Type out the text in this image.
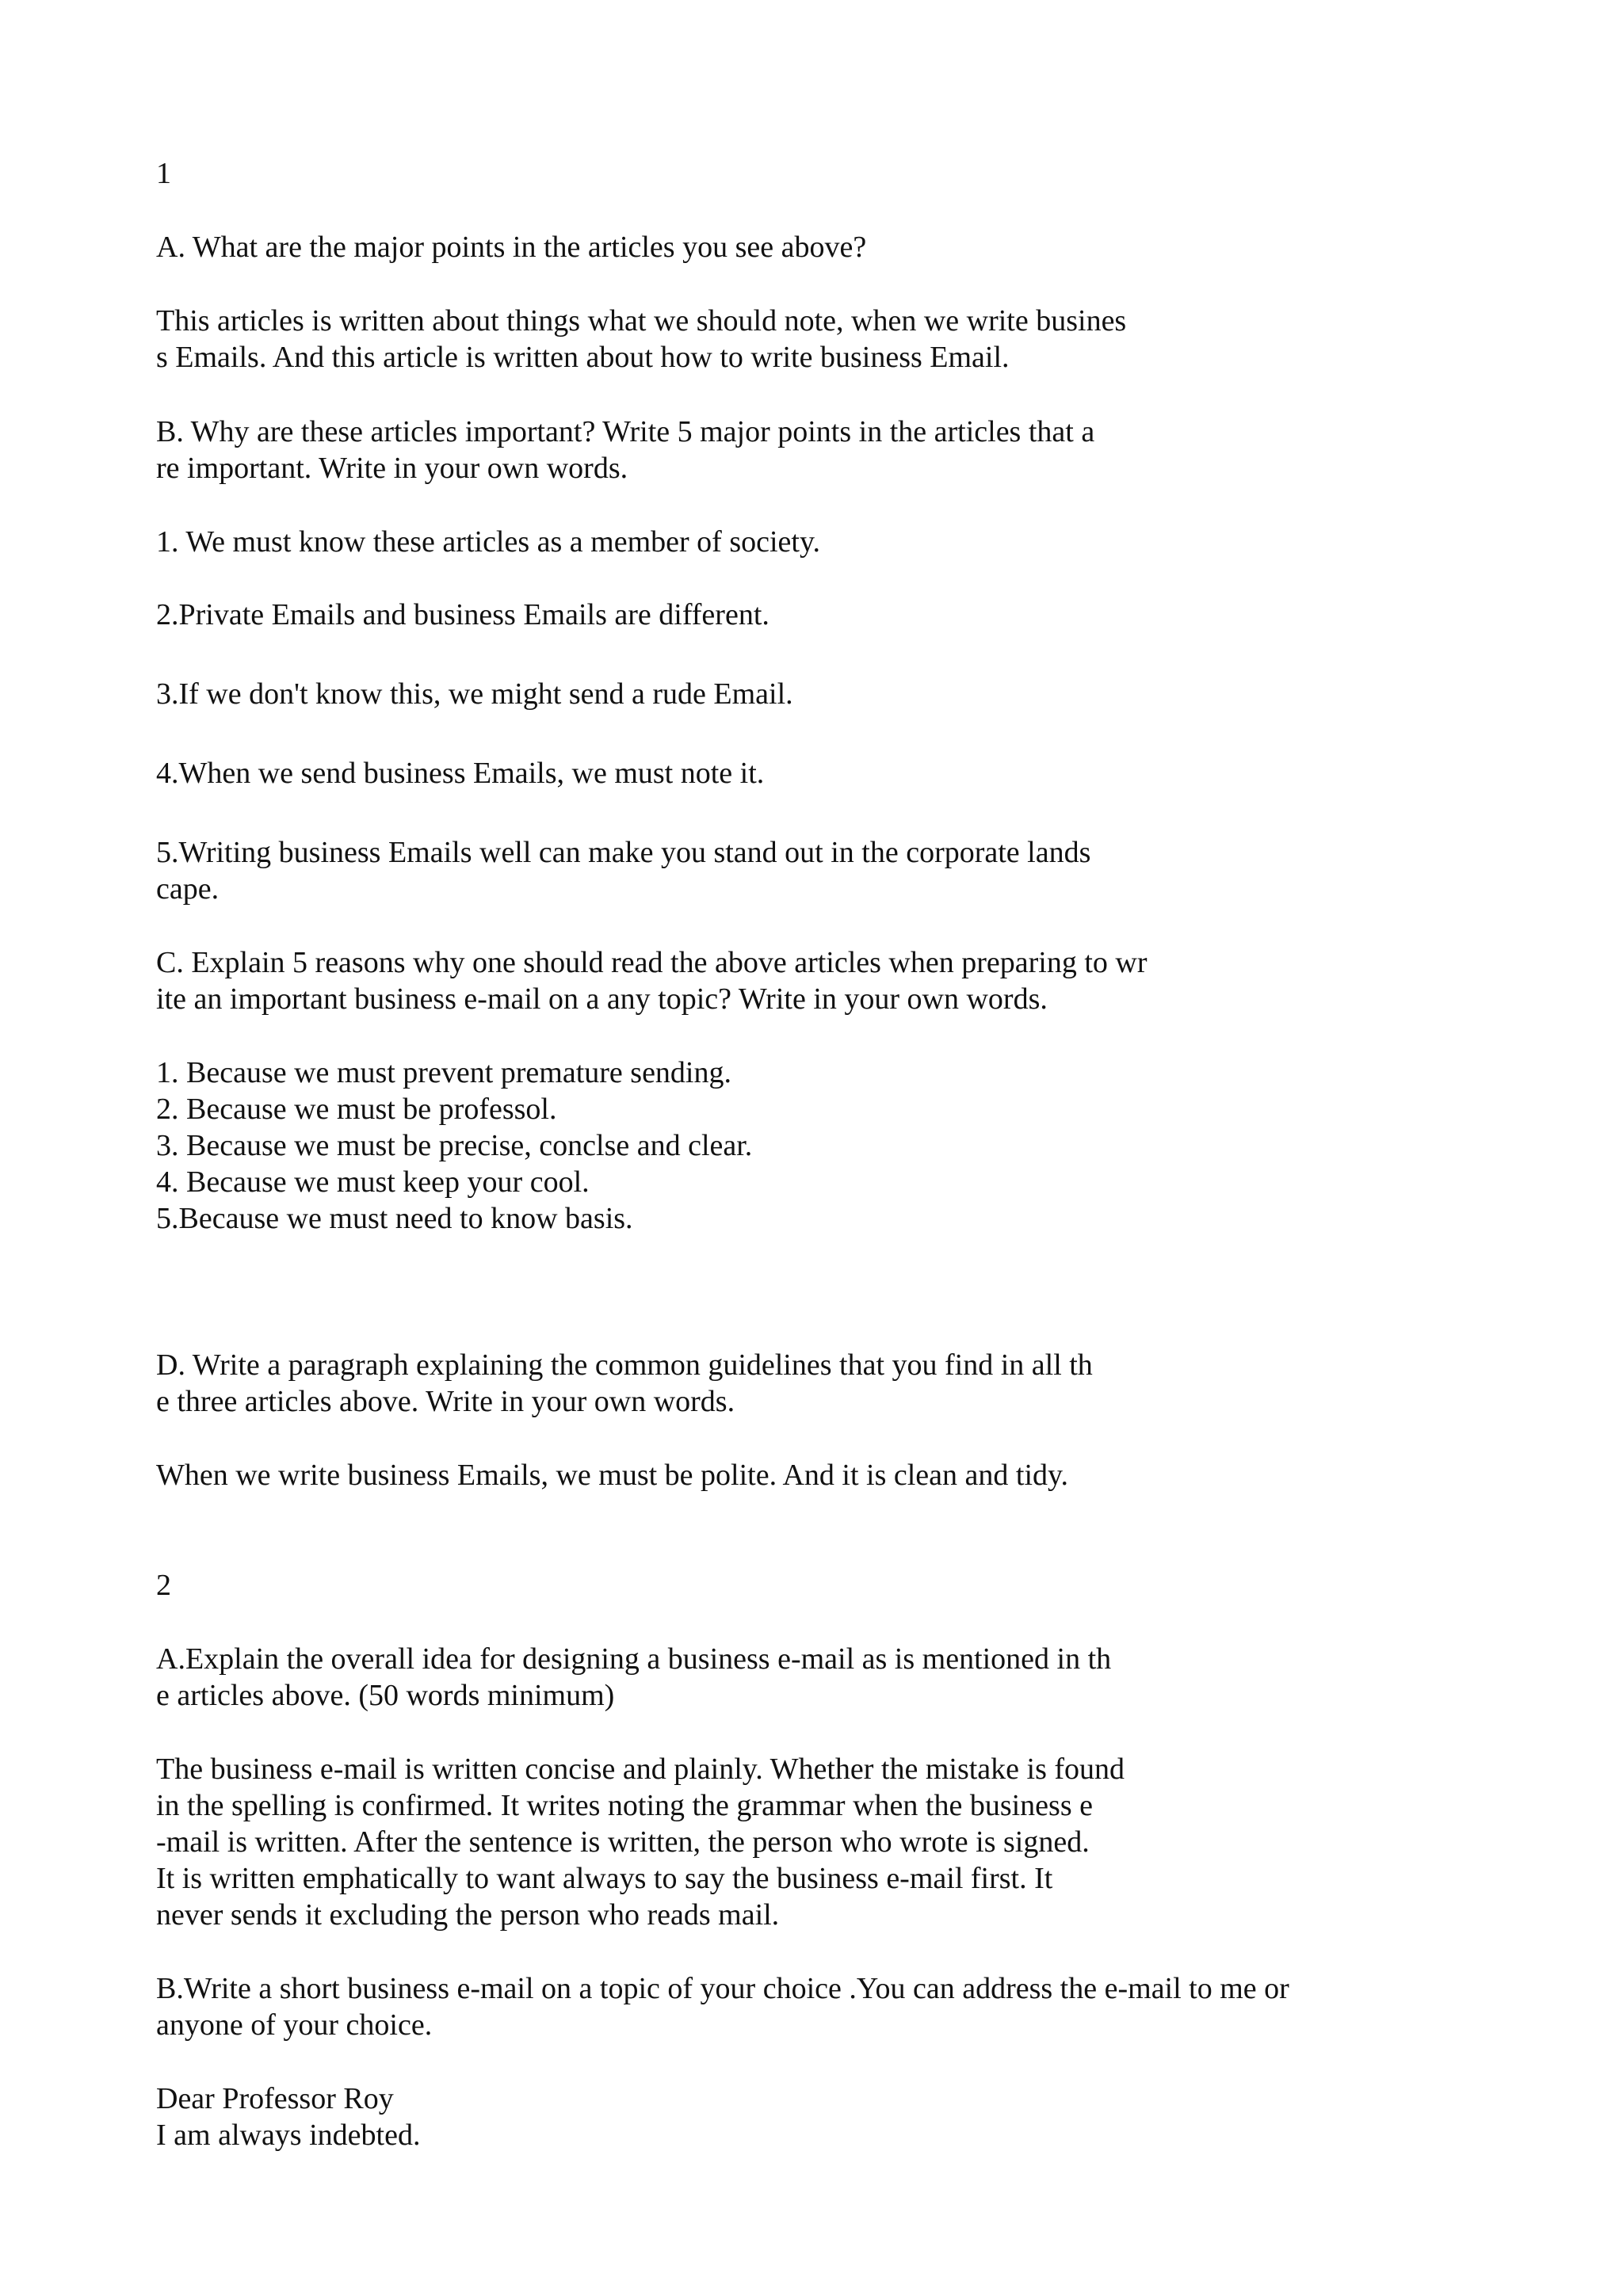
1

A. What are the major points in the articles you see above?

This articles is written about things what we should note, when we write busines

s Emails. And this article is written about how to write business Email.

B. Why are these articles important? Write 5 major points in the articles that a

re important. Write in your own words.

1. We must know these articles as a member of society.

2.Private Emails and business Emails are different.

3.If we don't know this, we might send a rude Email.

4.When we send business Emails, we must note it.

5.Writing business Emails well can make you stand out in the corporate lands

cape.

C. Explain 5 reasons why one should read the above articles when preparing to wr

ite an important business e-mail on a any topic? Write in your own words.

1. Because we must prevent premature sending.

2. Because we must be professol.

3. Because we must be precise, conclse and clear.

4. Because we must keep your cool.

5.Because we must need to know basis.

D. Write a paragraph explaining the common guidelines that you find in all th

e three articles above. Write in your own words.

When we write business Emails, we must be polite. And it is clean and tidy.

2

A.Explain the overall idea for designing a business e-mail as is mentioned in th

e articles above. (50 words minimum)

The business e-mail is written concise and plainly. Whether the mistake is found

in the spelling is confirmed. It writes noting the grammar when the business e

-mail is written. After the sentence is written, the person who wrote is signed.

It is written emphatically to want always to say the business e-mail first. It

never sends it excluding the person who reads mail.

B.Write a short business e-mail on a topic of your choice .You can address the e-mail to me or

anyone of your choice.

Dear Professor Roy

I am always indebted.
